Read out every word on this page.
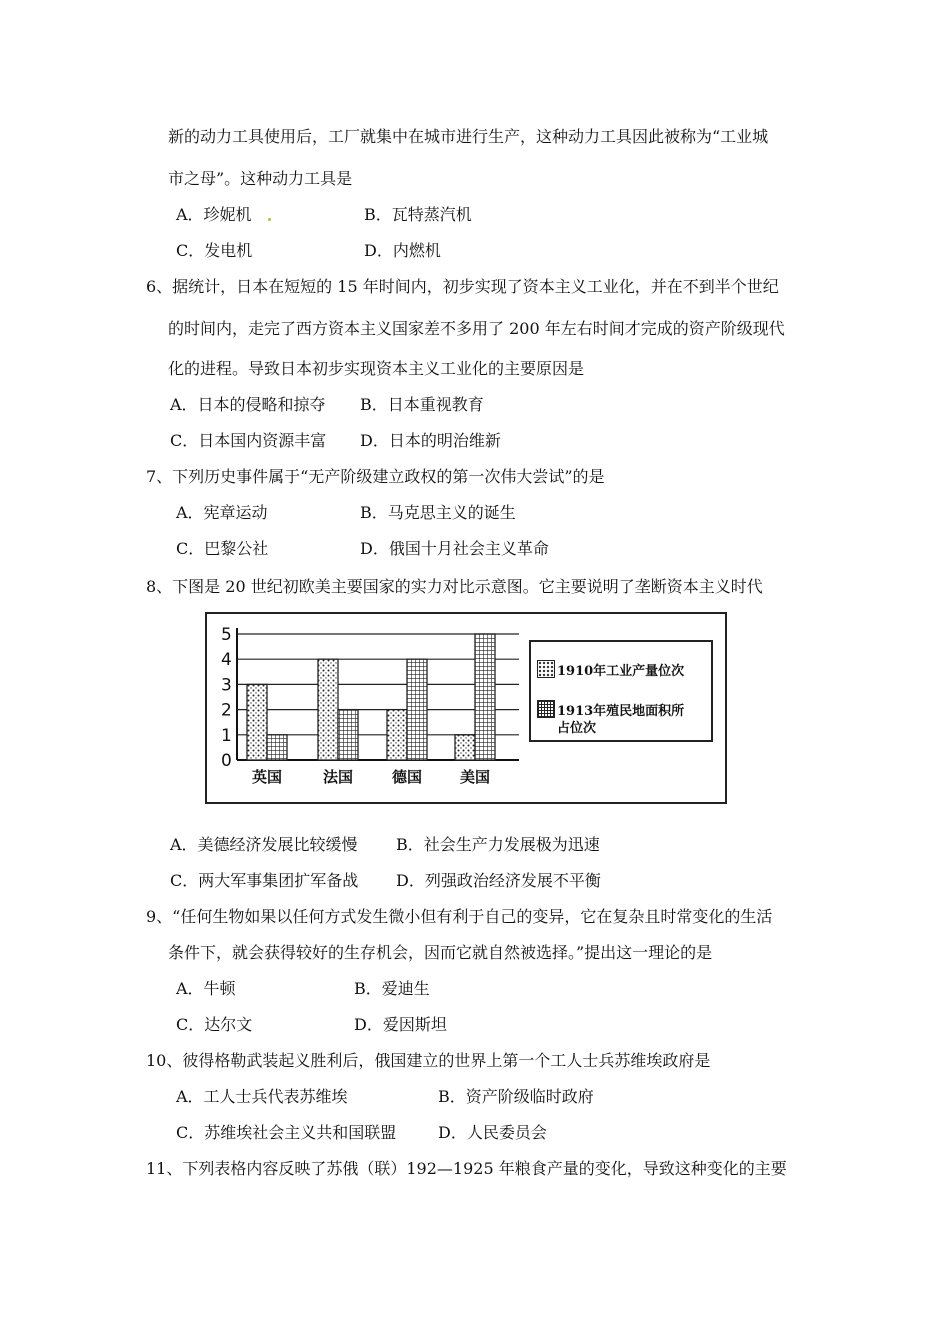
新的动力工具使用后，工厂就集中在城市进行生产，这种动力工具因此被称为“工业城
市之母”。这种动力工具是
A．珍妮机	B．瓦特蒸汽机
C．发电机	D．内燃机
6、据统计，日本在短短的 15 年时间内，初步实现了资本主义工业化，并在不到半个世纪
的时间内，走完了西方资本主义国家差不多用了 200 年左右时间才完成的资产阶级现代
化的进程。导致日本初步实现资本主义工业化的主要原因是
A．日本的侵略和掠夺 B．日本重视教育
C．日本国内资源丰富 D．日本的明治维新
7、下列历史事件属于“无产阶级建立政权的第一次伟大尝试”的是
A．宪章运动	B．马克思主义的诞生
C．巴黎公社	D．俄国十月社会主义革命
8、下图是 20 世纪初欧美主要国家的实力对比示意图。它主要说明了垄断资本主义时代
0
1
2
3
4
5
英国	法国	德国	美国
1910年工业产量位次
1913年殖民地面积所
占位次
A．美德经济发展比较缓慢 B．社会生产力发展极为迅速
C．两大军事集团扩军备战 D．列强政治经济发展不平衡
9、“任何生物如果以任何方式发生微小但有利于自己的变异，它在复杂且时常变化的生活
条件下，就会获得较好的生存机会，因而它就自然被选择。”提出这一理论的是
A．牛顿	B．爱迪生
C．达尔文	D．爱因斯坦
10、彼得格勒武装起义胜利后，俄国建立的世界上第一个工人士兵苏维埃政府是
A．工人士兵代表苏维埃	B．资产阶级临时政府
C．苏维埃社会主义共和国联盟	D．人民委员会
11、下列表格内容反映了苏俄（联）192—1925 年粮食产量的变化，导致这种变化的主要
